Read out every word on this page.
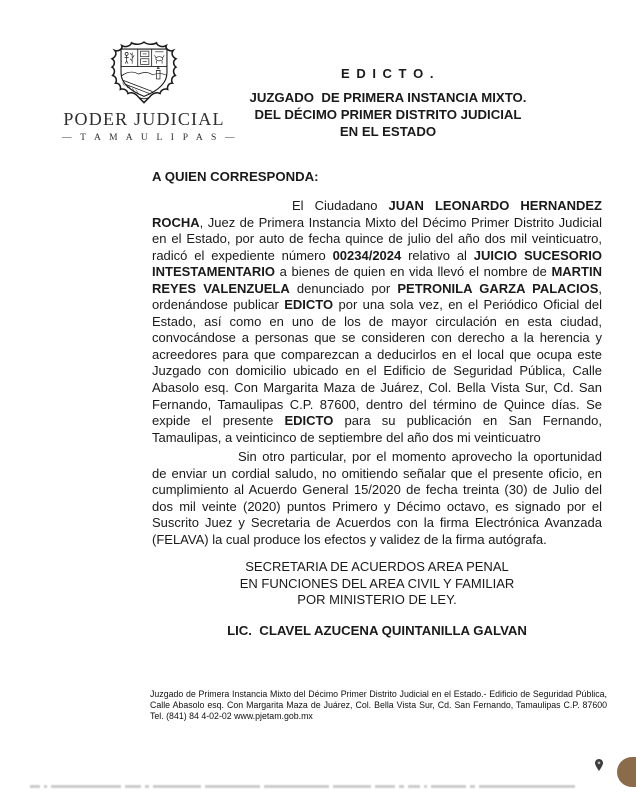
PODER JUDICIAL
— T A M A U L I P A S —
E D I C T O .
JUZGADO  DE PRIMERA INSTANCIA MIXTO.
DEL DÉCIMO PRIMER DISTRITO JUDICIAL
EN EL ESTADO
A QUIEN CORRESPONDA:

El Ciudadano JUAN LEONARDO HERNANDEZ ROCHA, Juez de Primera Instancia Mixto del Décimo Primer Distrito Judicial en el Estado, por auto de fecha quince de julio del año dos mil veinticuatro, radicó el expediente número 00234/2024 relativo al JUICIO SUCESORIO INTESTAMENTARIO a bienes de quien en vida llevó el nombre de MARTIN REYES VALENZUELA denunciado por PETRONILA GARZA PALACIOS, ordenándose publicar EDICTO por una sola vez, en el Periódico Oficial del Estado, así como en uno de los de mayor circulación en esta ciudad, convocándose a personas que se consideren con derecho a la herencia y acreedores para que comparezcan a deducirlos en el local que ocupa este Juzgado con domicilio ubicado en el Edificio de Seguridad Pública, Calle Abasolo esq. Con Margarita Maza de Juárez, Col. Bella Vista Sur, Cd. San Fernando, Tamaulipas C.P. 87600, dentro del término de Quince días. Se expide el presente EDICTO para su publicación en San Fernando, Tamaulipas, a veinticinco de septiembre del año dos mi veinticuatro

Sin otro particular, por el momento aprovecho la oportunidad de enviar un cordial saludo, no omitiendo señalar que el presente oficio, en cumplimiento al Acuerdo General 15/2020 de fecha treinta (30) de Julio del dos mil veinte (2020) puntos Primero y Décimo octavo, es signado por el Suscrito Juez y Secretaria de Acuerdos con la firma Electrónica Avanzada (FELAVA) la cual produce los efectos y validez de la firma autógrafa.

SECRETARIA DE ACUERDOS AREA PENAL
EN FUNCIONES DEL AREA CIVIL Y FAMILIAR
POR MINISTERIO DE LEY.
LIC.  CLAVEL AZUCENA QUINTANILLA GALVAN
Juzgado de Primera Instancia Mixto del Décimo Primer Distrito Judicial en el Estado.- Edificio de Seguridad Pública, Calle Abasolo esq. Con Margarita Maza de Juárez, Col. Bella Vista Sur, Cd. San Fernando, Tamaulipas C.P. 87600 Tel. (841) 84 4-02-02 www.pjetam.gob.mx
